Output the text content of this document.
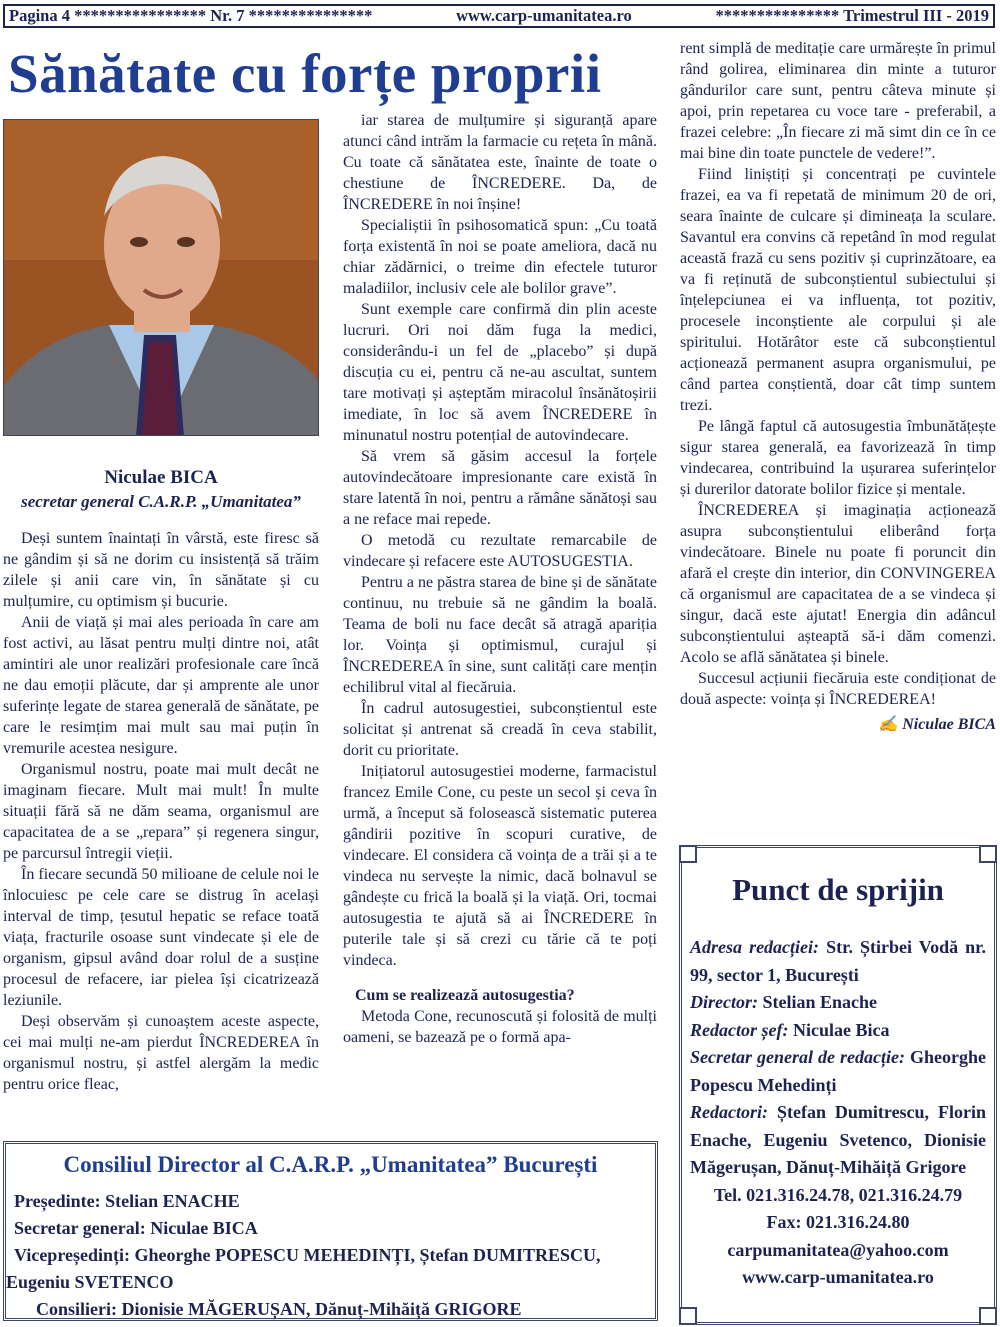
Pagina 4 **************** Nr. 7 ***************	www.carp-umanitatea.ro	*************** Trimestrul III - 2019
Sănătate cu forțe proprii
Niculae BICA
secretar general C.A.R.P. „Umanitatea”

Deși suntem înaintați în vârstă, este firesc să ne gândim și să ne dorim cu insistență să trăim zilele și anii care vin, în sănătate și cu mulțumire, cu optimism și bucurie.

Anii de viață și mai ales perioada în care am fost activi, au lăsat pentru mulți dintre noi, atât amintiri ale unor realizări profesionale care încă ne dau emoții plăcute, dar și amprente ale unor suferințe legate de starea generală de sănătate, pe care le resimțim mai mult sau mai puțin în vremurile acestea nesigure.

Organismul nostru, poate mai mult decât ne imaginam fiecare. Mult mai mult! În multe situații fără să ne dăm seama, organismul are capacitatea de a se „repara” și regenera singur, pe parcursul întregii vieții.

În fiecare secundă 50 milioane de celule noi le înlocuiesc pe cele care se distrug în același interval de timp, țesutul hepatic se reface toată viața, fracturile osoase sunt vindecate și ele de organism, gipsul având doar rolul de a susține procesul de refacere, iar pielea își cicatrizează leziunile.

Deși observăm și cunoaștem aceste aspecte, cei mai mulți ne-am pierdut ÎNCREDEREA în organismul nostru, și astfel alergăm la medic pentru orice fleac,

iar starea de mulțumire și siguranță apare atunci când intrăm la farmacie cu rețeta în mână. Cu toate că sănătatea este, înainte de toate o chestiune de ÎNCREDERE. Da, de ÎNCREDERE în noi înșine!

Specialiștii în psihosomatică spun: „Cu toată forța existentă în noi se poate ameliora, dacă nu chiar zădărnici, o treime din efectele tuturor maladiilor, inclusiv cele ale bolilor grave”.

Sunt exemple care confirmă din plin aceste lucruri. Ori noi dăm fuga la medici, considerându-i un fel de „placebo” și după discuția cu ei, pentru că ne-au ascultat, suntem tare motivați și așteptăm miracolul însănătoșirii imediate, în loc să avem ÎNCREDERE în minunatul nostru potențial de autovindecare.

Să vrem să găsim accesul la forțele autovindecătoare impresionante care există în stare latentă în noi, pentru a rămâne sănătoși sau a ne reface mai repede.

O metodă cu rezultate remarcabile de vindecare și refacere este AUTOSUGESTIA.

Pentru a ne păstra starea de bine și de sănătate continuu, nu trebuie să ne gândim la boală. Teama de boli nu face decât să atragă apariția lor. Voința și optimismul, curajul și ÎNCREDEREA în sine, sunt calități care mențin echilibrul vital al fiecăruia.

În cadrul autosugestiei, subconștientul este solicitat și antrenat să creadă în ceva stabilit, dorit cu prioritate.

Inițiatorul autosugestiei moderne, farmacistul francez Emile Cone, cu peste un secol și ceva în urmă, a început să folosească sistematic puterea gândirii pozitive în scopuri curative, de vindecare. El considera că voința de a trăi și a te vindeca nu servește la nimic, dacă bolnavul se gândește cu frică la boală și la viață. Ori, tocmai autosugestia te ajută să ai ÎNCREDERE în puterile tale și să crezi cu tărie că te poți vindeca.

Cum se realizează autosugestia?

Metoda Cone, recunoscută și folosită de mulți oameni, se bazează pe o formă apa-

rent simplă de meditație care urmărește în primul rând golirea, eliminarea din minte a tuturor gândurilor care sunt, pentru câteva minute și apoi, prin repetarea cu voce tare - preferabil, a frazei celebre: „În fiecare zi mă simt din ce în ce mai bine din toate punctele de vedere!”.

Fiind liniștiți și concentrați pe cuvintele frazei, ea va fi repetată de minimum 20 de ori, seara înainte de culcare și dimineața la sculare. Savantul era convins că repetând în mod regulat această frază cu sens pozitiv și cuprinzătoare, ea va fi reținută de subconștientul subiectului și înțelepciunea ei va influența, tot pozitiv, procesele inconștiente ale corpului și ale spiritului. Hotărâtor este că subconștientul acționează permanent asupra organismului, pe când partea conștientă, doar cât timp suntem trezi.

Pe lângă faptul că autosugestia îmbunătățește sigur starea generală, ea favorizează în timp vindecarea, contribuind la ușurarea suferințelor și durerilor datorate bolilor fizice și mentale.

ÎNCREDEREA și imaginația acționează asupra subconștientului eliberând forța vindecătoare. Binele nu poate fi poruncit din afară el crește din interior, din CONVINGEREA că organismul are capacitatea de a se vindeca și singur, dacă este ajutat! Energia din adâncul subconștientului așteaptă să-i dăm comenzi. Acolo se află sănătatea și binele.

Succesul acțiunii fiecăruia este condiționat de două aspecte: voința și ÎNCREDEREA!

✍ Niculae BICA

Consiliul Director al C.A.R.P. „Umanitatea” București
Președinte: Stelian ENACHE
Secretar general: Niculae BICA
Vicepreședinți: Gheorghe POPESCU MEHEDINȚI, Ștefan DUMITRESCU,
Eugeniu SVETENCO
Consilieri: Dionisie MĂGERUȘAN, Dănuț-Mihăiță GRIGORE
Punct de sprijin
Adresa redacției: Str. Știrbei Vodă nr. 99, sector 1, București
Director: Stelian Enache
Redactor șef: Niculae Bica
Secretar general de redacție: Gheorghe Popescu Mehedinți
Redactori: Ștefan Dumitrescu, Florin Enache, Eugeniu Svetenco, Dionisie Măgerușan, Dănuț-Mihăiță Grigore
Tel. 021.316.24.78, 021.316.24.79
Fax: 021.316.24.80
carpumanitatea@yahoo.com
www.carp-umanitatea.ro
